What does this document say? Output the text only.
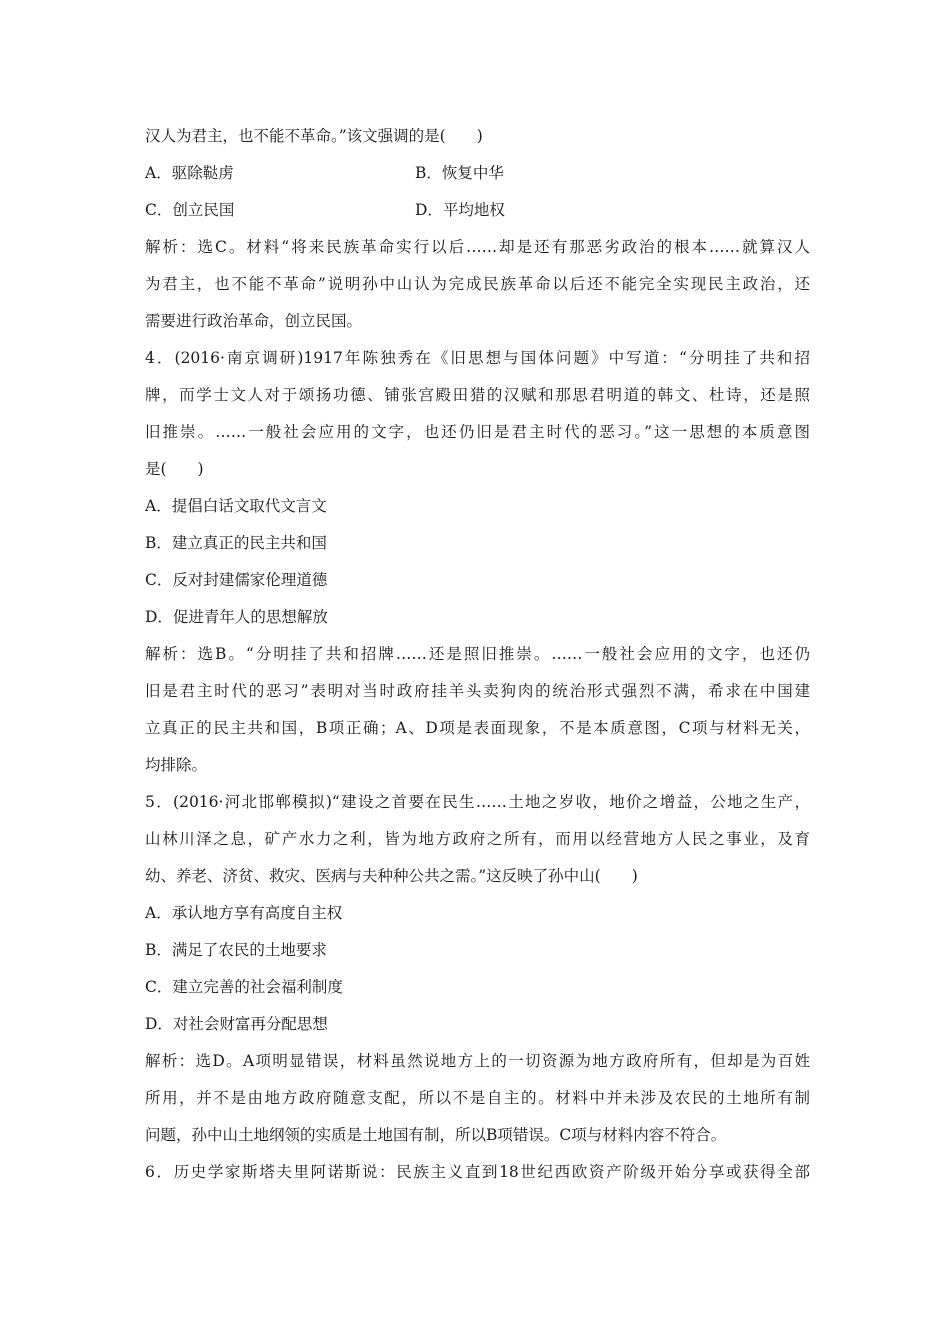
汉人为君主，也不能不革命。”该文强调的是(　　)
A．驱除鞑虏	B．恢复中华
C．创立民国	D．平均地权
解析：选C。材料“将来民族革命实行以后……却是还有那恶劣政治的根本……就算汉人
为君主，也不能不革命”说明孙中山认为完成民族革命以后还不能完全实现民主政治，还
需要进行政治革命，创立民国。
4．(2016·南京调研)1917年陈独秀在《旧思想与国体问题》中写道：“分明挂了共和招
牌，而学士文人对于颂扬功德、铺张宫殿田猎的汉赋和那思君明道的韩文、杜诗，还是照
旧推崇。……一般社会应用的文字，也还仍旧是君主时代的恶习。”这一思想的本质意图
是(　　)
A．提倡白话文取代文言文
B．建立真正的民主共和国
C．反对封建儒家伦理道德
D．促进青年人的思想解放
解析：选B。“分明挂了共和招牌……还是照旧推崇。……一般社会应用的文字，也还仍
旧是君主时代的恶习”表明对当时政府挂羊头卖狗肉的统治形式强烈不满，希求在中国建
立真正的民主共和国，B项正确；A、D项是表面现象，不是本质意图，C项与材料无关，
均排除。
5．(2016·河北邯郸模拟)“建设之首要在民生……土地之岁收，地价之增益，公地之生产，
山林川泽之息，矿产水力之利，皆为地方政府之所有，而用以经营地方人民之事业，及育
幼、养老、济贫、救灾、医病与夫种种公共之需。”这反映了孙中山(　　)
A．承认地方享有高度自主权
B．满足了农民的土地要求
C．建立完善的社会福利制度
D．对社会财富再分配思想
解析：选D。A项明显错误，材料虽然说地方上的一切资源为地方政府所有，但却是为百姓
所用，并不是由地方政府随意支配，所以不是自主的。材料中并未涉及农民的土地所有制
问题，孙中山土地纲领的实质是土地国有制，所以B项错误。C项与材料内容不符合。
6．历史学家斯塔夫里阿诺斯说：民族主义直到18世纪西欧资产阶级开始分享或获得全部
